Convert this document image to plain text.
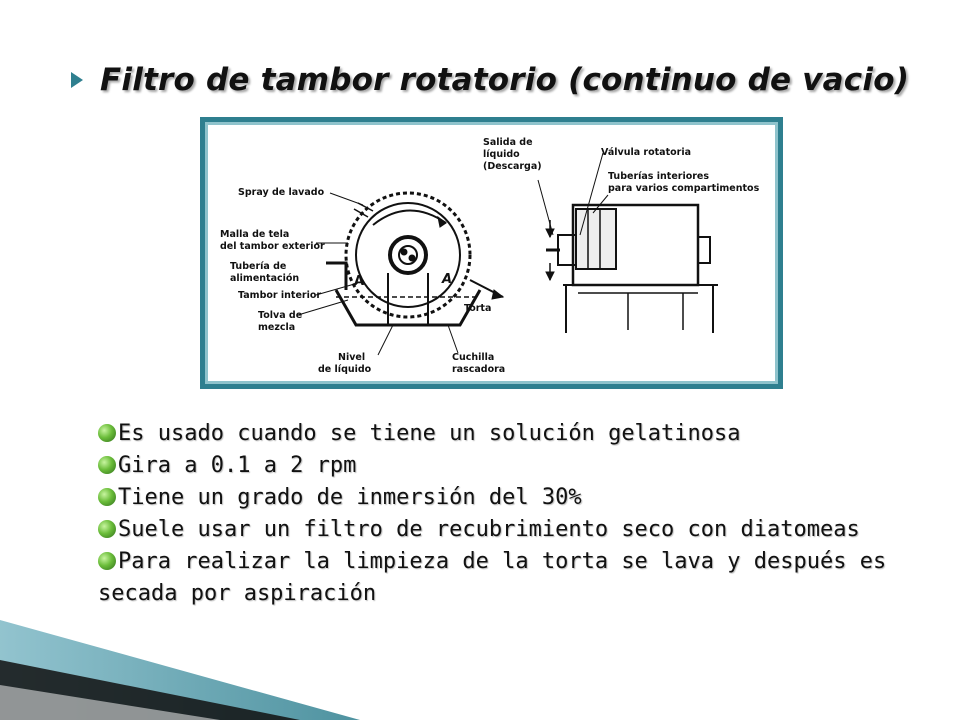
Filtro de tambor rotatorio (continuo de vacio)
Spray de lavado
Malla de tela
del tambor exterior
Tubería de
alimentación
Tambor interior
Tolva de
mezcla
Nivel
de líquido
Cuchilla
rascadora
Torta
A	A
Salida de
líquido
(Descarga)
Válvula rotatoria
Tuberías interiores
para varios compartimentos
Es usado cuando se tiene un solución gelatinosa
Gira a 0.1 a 2 rpm
Tiene un grado de inmersión del 30%
Suele usar un filtro de recubrimiento seco con diatomeas
Para realizar la limpieza de la torta se lava y después es secada por aspiración
